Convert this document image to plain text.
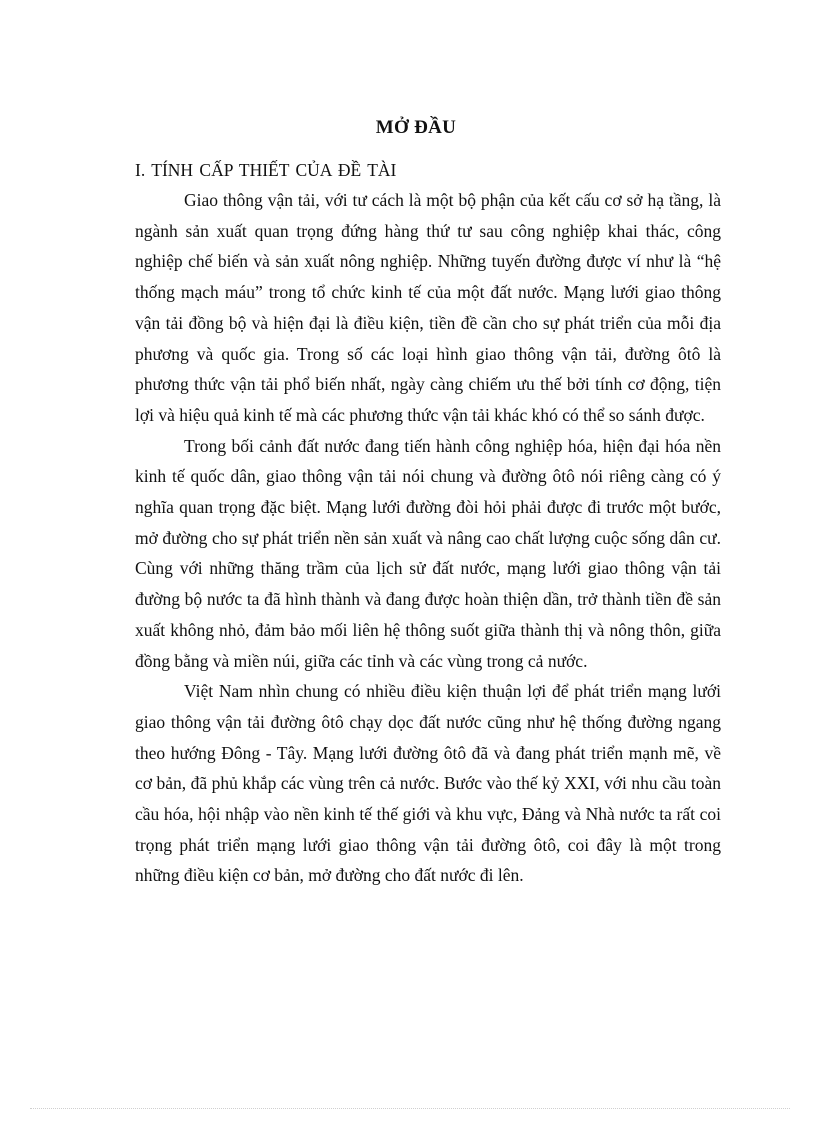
MỞ ĐẦU
I. TÍNH CẤP THIẾT CỦA ĐỀ TÀI

Giao thông vận tải, với tư cách là một bộ phận của kết cấu cơ sở hạ tầng, là ngành sản xuất quan trọng đứng hàng thứ tư sau công nghiệp khai thác, công nghiệp chế biến và sản xuất nông nghiệp. Những tuyến đường được ví như là “hệ thống mạch máu” trong tổ chức kinh tế của một đất nước. Mạng lưới giao thông vận tải đồng bộ và hiện đại là điều kiện, tiền đề cần cho sự phát triển của mỗi địa phương và quốc gia. Trong số các loại hình giao thông vận tải, đường ôtô là phương thức vận tải phổ biến nhất, ngày càng chiếm ưu thế bởi tính cơ động, tiện lợi và hiệu quả kinh tế mà các phương thức vận tải khác khó có thể so sánh được.

Trong bối cảnh đất nước đang tiến hành công nghiệp hóa, hiện đại hóa nền kinh tế quốc dân, giao thông vận tải nói chung và đường ôtô nói riêng càng có ý nghĩa quan trọng đặc biệt. Mạng lưới đường đòi hỏi phải được đi trước một bước, mở đường cho sự phát triển nền sản xuất và nâng cao chất lượng cuộc sống dân cư. Cùng với những thăng trầm của lịch sử đất nước, mạng lưới giao thông vận tải đường bộ nước ta đã hình thành và đang được hoàn thiện dần, trở thành tiền đề sản xuất không nhỏ, đảm bảo mối liên hệ thông suốt giữa thành thị và nông thôn, giữa đồng bằng và miền núi, giữa các tỉnh và các vùng trong cả nước.

Việt Nam nhìn chung có nhiều điều kiện thuận lợi để phát triển mạng lưới giao thông vận tải đường ôtô chạy dọc đất nước cũng như hệ thống đường ngang theo hướng Đông - Tây. Mạng lưới đường ôtô đã và đang phát triển mạnh mẽ, về cơ bản, đã phủ khắp các vùng trên cả nước. Bước vào thế kỷ XXI, với nhu cầu toàn cầu hóa, hội nhập vào nền kinh tế thế giới và khu vực, Đảng và Nhà nước ta rất coi trọng phát triển mạng lưới giao thông vận tải đường ôtô, coi đây là một trong những điều kiện cơ bản, mở đường cho đất nước đi lên.
